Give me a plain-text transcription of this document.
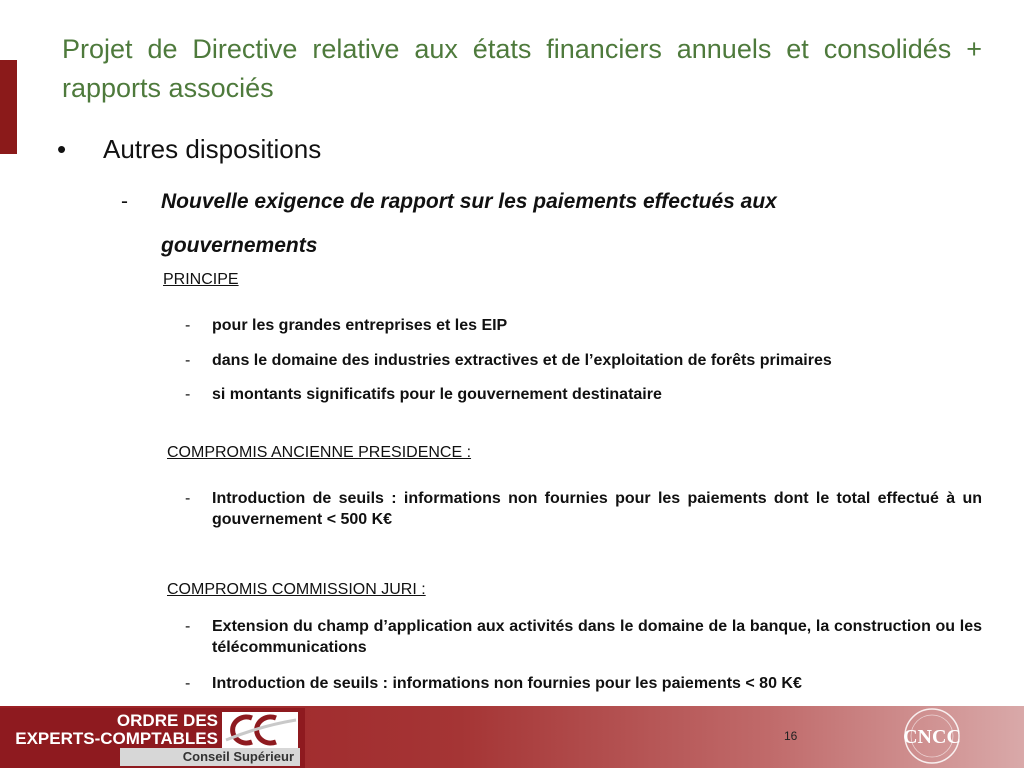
Projet de Directive relative aux états financiers annuels et consolidés + rapports associés
• Autres dispositions
- Nouvelle exigence de rapport sur les paiements effectués aux gouvernements
PRINCIPE
- pour les grandes entreprises et les EIP
- dans le domaine des industries extractives et de l’exploitation de forêts primaires
- si montants significatifs pour le gouvernement destinataire
COMPROMIS ANCIENNE PRESIDENCE :
- Introduction de seuils : informations non fournies pour les paiements dont le total effectué à un gouvernement < 500 K€
COMPROMIS COMMISSION JURI :
- Extension du champ d’application aux activités dans le domaine de la banque, la construction ou les télécommunications
- Introduction de seuils : informations non fournies pour les paiements < 80 K€
ORDRE DES
EXPERTS-COMPTABLES
Conseil Supérieur
16	CNCC
